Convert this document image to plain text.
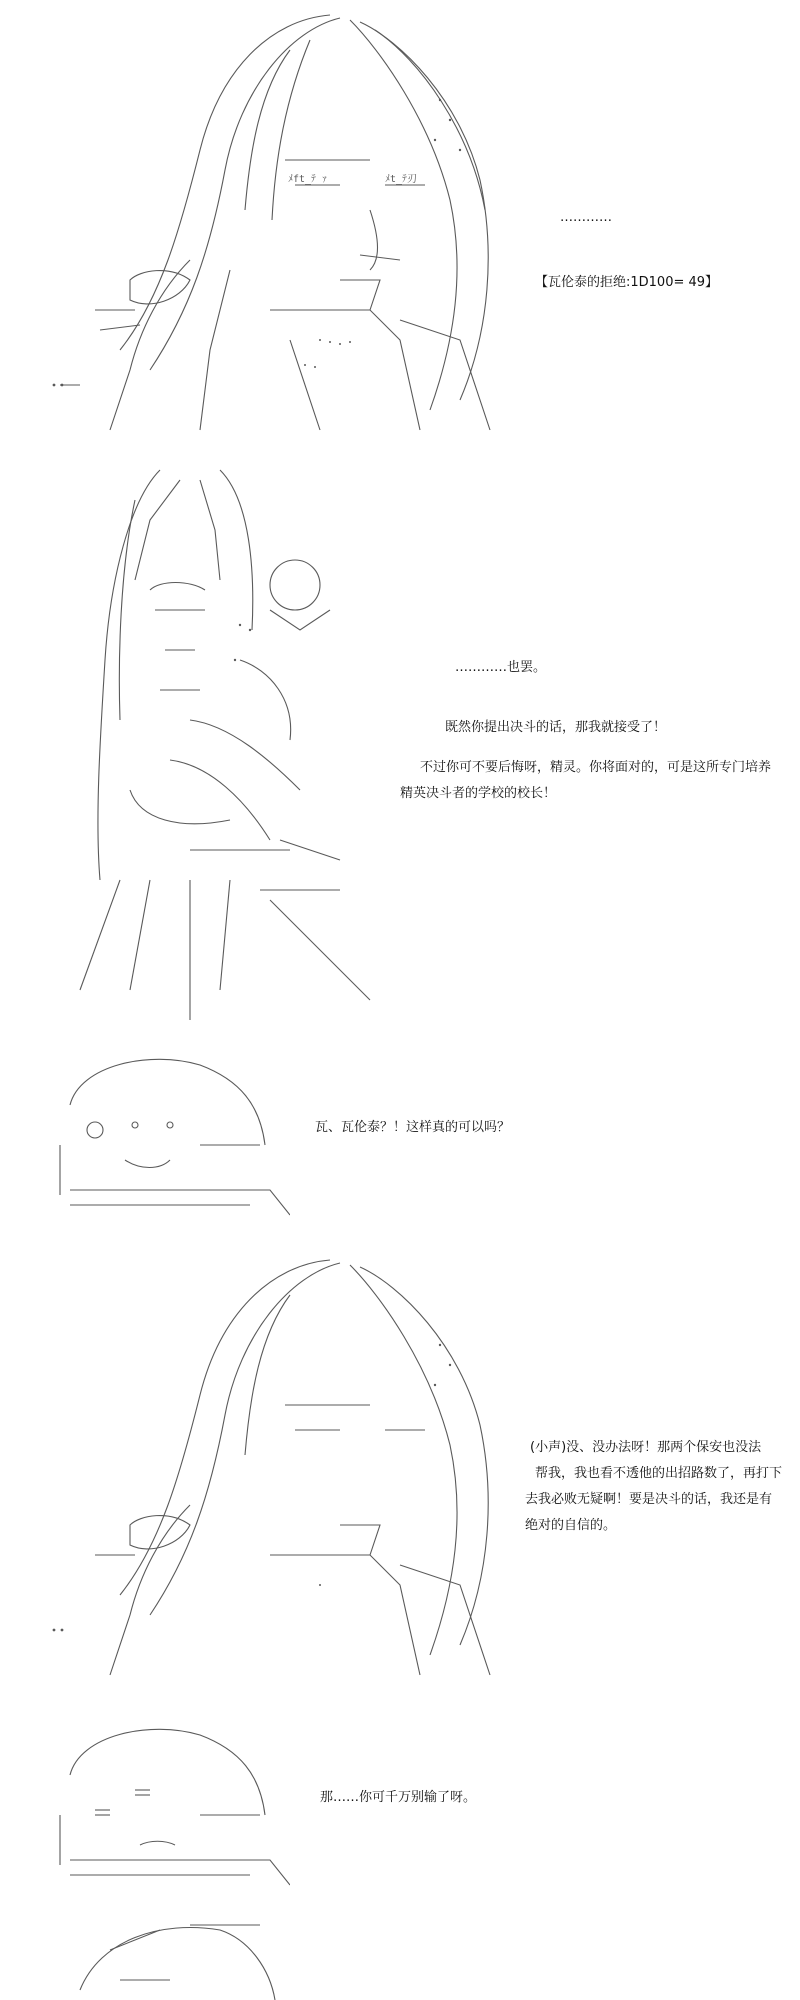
ﾒft_ﾃ ｧ	ﾒt_ﾃ刃

…………

【瓦伦泰的拒绝:1D100= 49】

…………也罢。

既然你提出决斗的话，那我就接受了！

不过你可不要后悔呀，精灵。你将面对的，可是这所专门培养

精英决斗者的学校的校长！

瓦、瓦伦泰？！这样真的可以吗？

(小声)没、没办法呀！那两个保安也没法

帮我，我也看不透他的出招路数了，再打下

去我必败无疑啊！要是决斗的话，我还是有

绝对的自信的。

那……你可千万别输了呀。
